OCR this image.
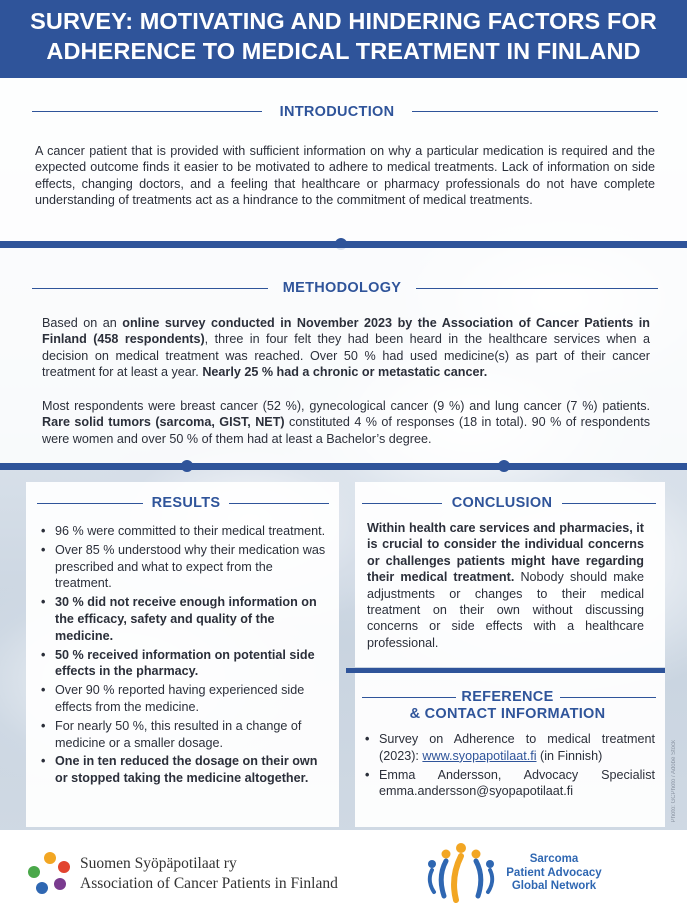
SURVEY: MOTIVATING AND HINDERING FACTORS FOR
ADHERENCE TO MEDICAL TREATMENT IN FINLAND
INTRODUCTION
A cancer patient that is provided with sufficient information on why a particular medication is required and the expected outcome finds it easier to be motivated to adhere to medical treatments. Lack of information on side effects, changing doctors, and a feeling that healthcare or pharmacy professionals do not have complete understanding of treatments act as a hindrance to the commitment of medical treatments.
METHODOLOGY
Based on an online survey conducted in November 2023 by the Association of Cancer Patients in Finland (458 respondents), three in four felt they had been heard in the healthcare services when a decision on medical treatment was reached. Over 50 % had used medicine(s) as part of their cancer treatment for at least a year. Nearly 25 % had a chronic or metastatic cancer.
Most respondents were breast cancer (52 %), gynecological cancer (9 %) and lung cancer (7 %) patients. Rare solid tumors (sarcoma, GIST, NET) constituted 4 % of responses (18 in total). 90 % of respondents were women and over 50 % of them had at least a Bachelor’s degree.
RESULTS
• 96 % were committed to their medical treatment.
• Over 85 % understood why their medication was prescribed and what to expect from the treatment.
• 30 % did not receive enough information on the efficacy, safety and quality of the medicine.
• 50 % received information on potential side effects in the pharmacy.
• Over 90 % reported having experienced side effects from the medicine.
• For nearly 50 %, this resulted in a change of medicine or a smaller dosage.
• One in ten reduced the dosage on their own or stopped taking the medicine altogether.
CONCLUSION
Within health care services and pharmacies, it is crucial to consider the individual concerns or challenges patients might have regarding their medical treatment. Nobody should make adjustments or changes to their medical treatment on their own without discussing concerns or side effects with a healthcare professional.
REFERENCE
& CONTACT INFORMATION
• Survey on Adherence to medical treatment (2023): www.syopapotilaat.fi (in Finnish)
• Emma Andersson, Advocacy Specialist
emma.andersson@syopapotilaat.fi	Photo: GCPhoto / Adobe Stock
Suomen Syöpäpotilaat ry
Association of Cancer Patients in Finland
Sarcoma
Patient Advocacy
Global Network
